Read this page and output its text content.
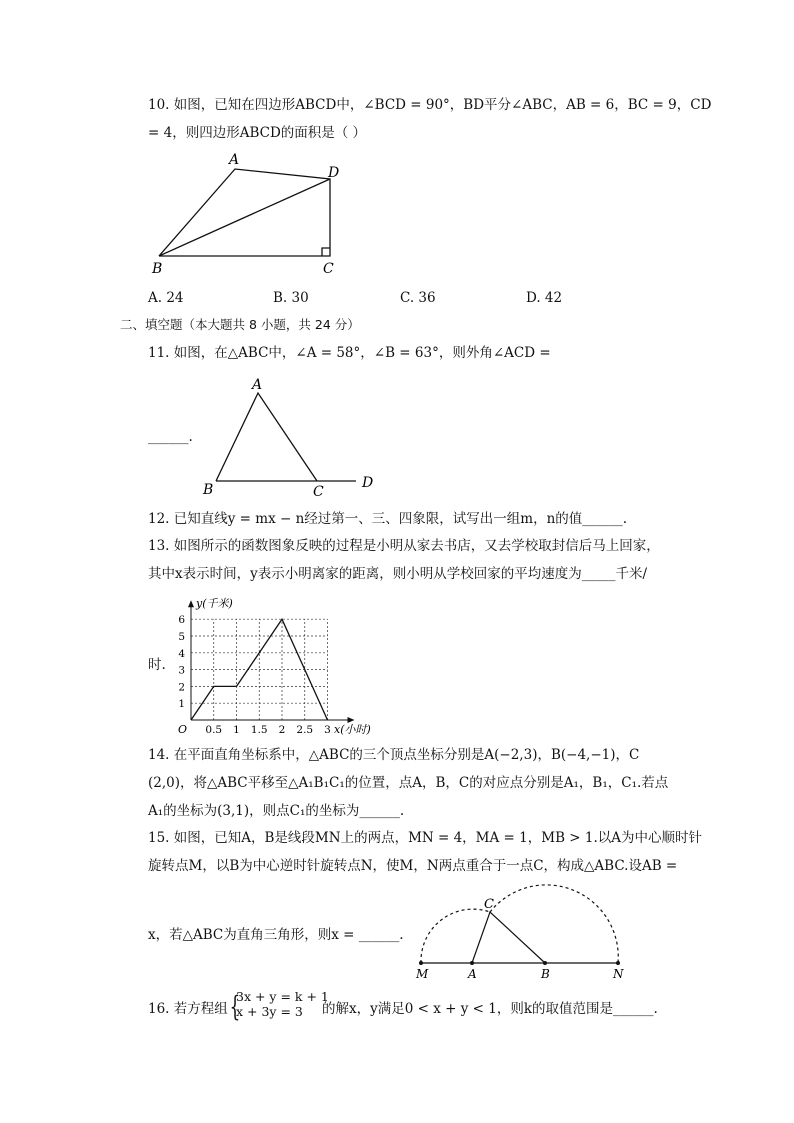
10. 如图，已知在四边形ABCD中，∠BCD = 90°，BD平分∠ABC，AB = 6，BC = 9，CD
= 4，则四边形ABCD的面积是（ ）
A
D
B	C
A. 24	B. 30	C. 36	D. 42
二、填空题（本大题共 8 小题，共 24 分）
11. 如图，在△ABC中，∠A = 58°，∠B = 63°，则外角∠ACD =
______.
A
B	C
D
12. 已知直线y = mx − n经过第一、三、四象限，试写出一组m，n的值______.
13. 如图所示的函数图象反映的过程是小明从家去书店，又去学校取封信后马上回家，
其中x表示时间，y表示小明离家的距离，则小明从学校回家的平均速度为_____千米/
时.
0.5 1 1.5 2 2.5 3
1
2
3
4
5
6
y(千米)
x(小时)
O
14. 在平面直角坐标系中，△ABC的三个顶点坐标分别是A(−2,3)，B(−4,−1)，C
(2,0)，将△ABC平移至△A₁B₁C₁的位置，点A，B，C的对应点分别是A₁，B₁，C₁.若点
A₁的坐标为(3,1)，则点C₁的坐标为______.
15. 如图，已知A，B是线段MN上的两点，MN = 4，MA = 1，MB > 1.以A为中心顺时针
旋转点M，以B为中心逆时针旋转点N，使M，N两点重合于一点C，构成△ABC.设AB =
x，若△ABC为直角三角形，则x = ______.
M	A	B	N
C
16. 若方程组 {
3x + y = k + 1
x + 3y = 3 的解x，y满足0 < x + y < 1，则k的取值范围是______.
